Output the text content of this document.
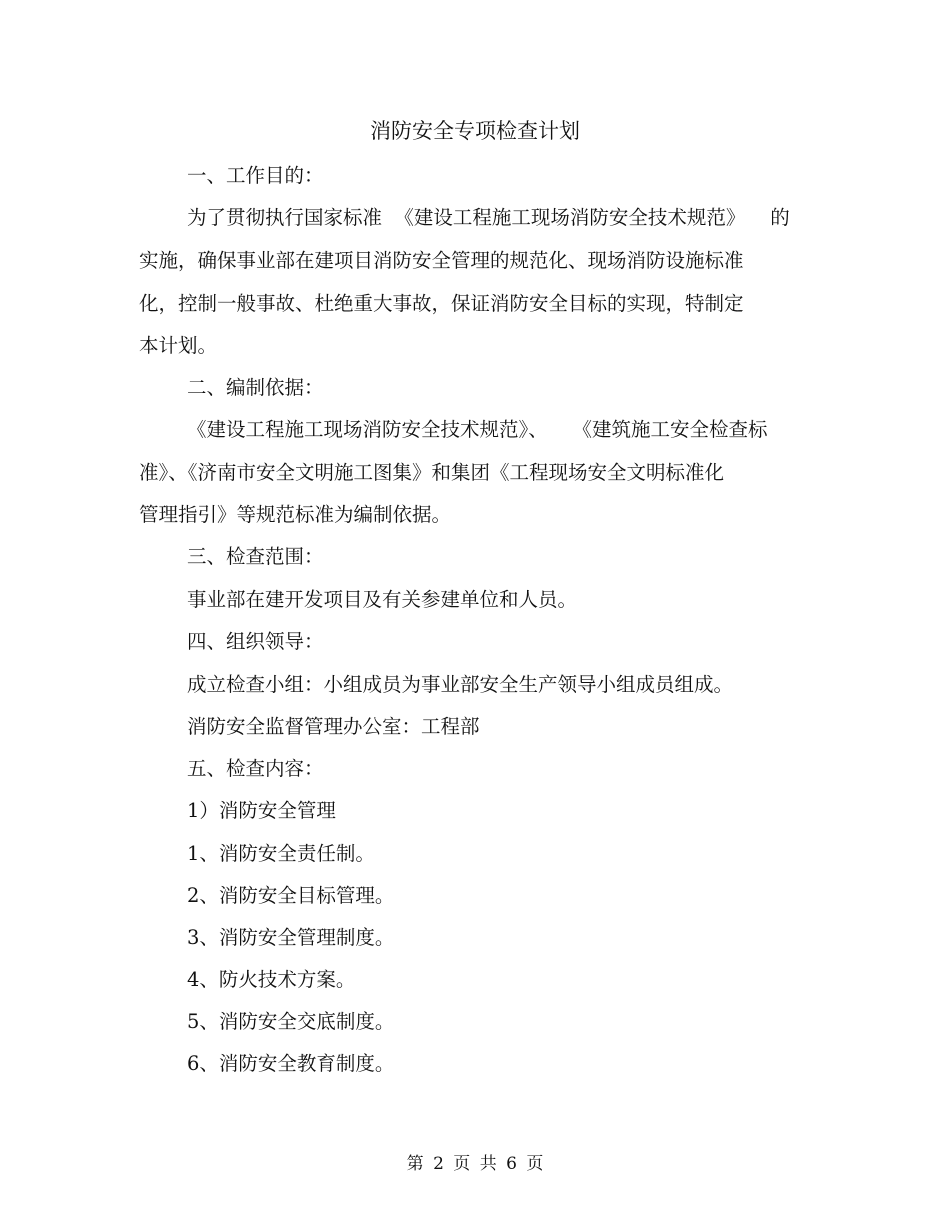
消防安全专项检查计划
一、工作目的：
为了贯彻执行国家标准  《建设工程施工现场消防安全技术规范》    的
实施，确保事业部在建项目消防安全管理的规范化、现场消防设施标准
化，控制一般事故、杜绝重大事故，保证消防安全目标的实现，特制定
本计划。
二、编制依据：
《建设工程施工现场消防安全技术规范》、    《建筑施工安全检查标
准》、《济南市安全文明施工图集》和集团《工程现场安全文明标准化
管理指引》等规范标准为编制依据。
三、检查范围：
事业部在建开发项目及有关参建单位和人员。
四、组织领导：
成立检查小组：小组成员为事业部安全生产领导小组成员组成。
消防安全监督管理办公室：工程部
五、检查内容：
1）消防安全管理
1、消防安全责任制。
2、消防安全目标管理。
3、消防安全管理制度。
4、防火技术方案。
5、消防安全交底制度。
6、消防安全教育制度。
第 2 页 共 6 页
